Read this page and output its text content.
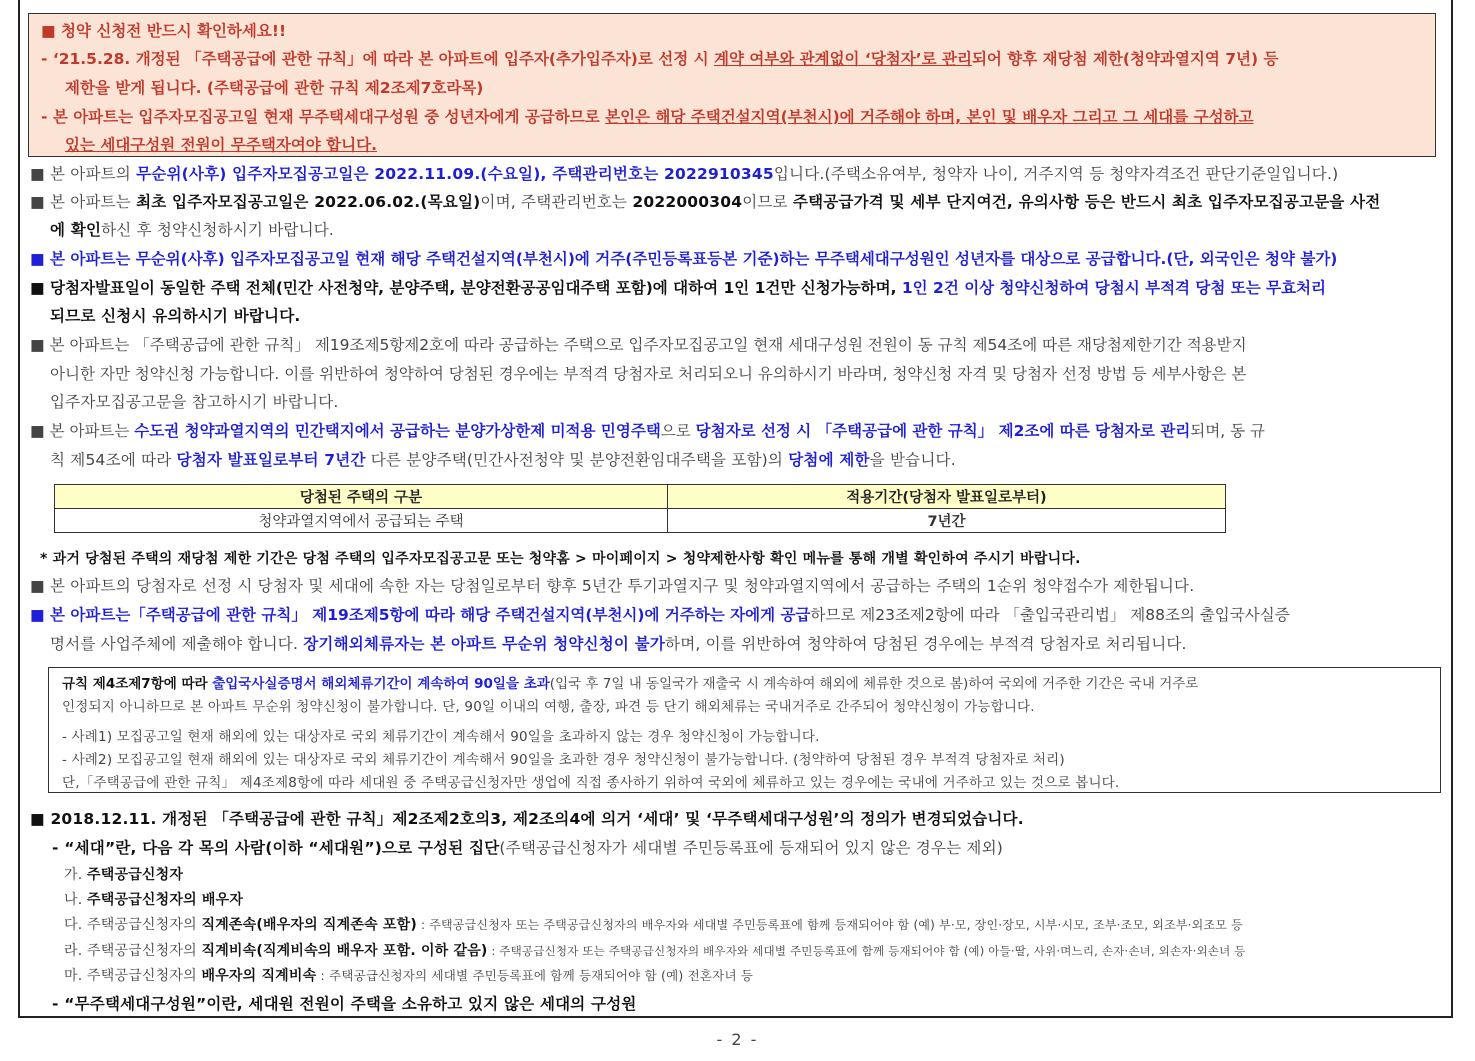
■ 청약 신청전 반드시 확인하세요!!
- ‘21.5.28. 개정된 「주택공급에 관한 규칙」에 따라 본 아파트에 입주자(추가입주자)로 선정 시 계약 여부와 관계없이 ‘당첨자’로 관리되어 향후 재당첨 제한(청약과열지역 7년) 등
제한을 받게 됩니다. (주택공급에 관한 규칙 제2조제7호라목)
- 본 아파트는 입주자모집공고일 현재 무주택세대구성원 중 성년자에게 공급하므로 본인은 해당 주택건설지역(부천시)에 거주해야 하며, 본인 및 배우자 그리고 그 세대를 구성하고
있는 세대구성원 전원이 무주택자여야 합니다.
■ 본 아파트의 무순위(사후) 입주자모집공고일은 2022.11.09.(수요일), 주택관리번호는 2022910345입니다.(주택소유여부, 청약자 나이, 거주지역 등 청약자격조건 판단기준일입니다.)
■ 본 아파트는 최초 입주자모집공고일은 2022.06.02.(목요일)이며, 주택관리번호는 2022000304이므로 주택공급가격 및 세부 단지여건, 유의사항 등은 반드시 최초 입주자모집공고문을 사전
에 확인하신 후 청약신청하시기 바랍니다.
■ 본 아파트는 무순위(사후) 입주자모집공고일 현재 해당 주택건설지역(부천시)에 거주(주민등록표등본 기준)하는 무주택세대구성원인 성년자를 대상으로 공급합니다.(단, 외국인은 청약 불가)
■ 당첨자발표일이 동일한 주택 전체(민간 사전청약, 분양주택, 분양전환공공임대주택 포함)에 대하여 1인 1건만 신청가능하며, 1인 2건 이상 청약신청하여 당첨시 부적격 당첨 또는 무효처리
되므로 신청시 유의하시기 바랍니다.
■ 본 아파트는 「주택공급에 관한 규칙」 제19조제5항제2호에 따라 공급하는 주택으로 입주자모집공고일 현재 세대구성원 전원이 동 규칙 제54조에 따른 재당첨제한기간 적용받지
아니한 자만 청약신청 가능합니다. 이를 위반하여 청약하여 당첨된 경우에는 부적격 당첨자로 처리되오니 유의하시기 바라며, 청약신청 자격 및 당첨자 선정 방법 등 세부사항은 본
입주자모집공고문을 참고하시기 바랍니다.
■ 본 아파트는 수도권 청약과열지역의 민간택지에서 공급하는 분양가상한제 미적용 민영주택으로 당첨자로 선정 시 「주택공급에 관한 규칙」 제2조에 따른 당첨자로 관리되며, 동 규
칙 제54조에 따라 당첨자 발표일로부터 7년간 다른 분양주택(민간사전청약 및 분양전환임대주택을 포함)의 당첨에 제한을 받습니다.
당첨된 주택의 구분	적용기간(당첨자 발표일로부터)
청약과열지역에서 공급되는 주택	7년간
* 과거 당첨된 주택의 재당첨 제한 기간은 당첨 주택의 입주자모집공고문 또는 청약홈 > 마이페이지 > 청약제한사항 확인 메뉴를 통해 개별 확인하여 주시기 바랍니다.
■ 본 아파트의 당첨자로 선정 시 당첨자 및 세대에 속한 자는 당첨일로부터 향후 5년간 투기과열지구 및 청약과열지역에서 공급하는 주택의 1순위 청약접수가 제한됩니다.
■ 본 아파트는「주택공급에 관한 규칙」 제19조제5항에 따라 해당 주택건설지역(부천시)에 거주하는 자에게 공급하므로 제23조제2항에 따라 「출입국관리법」 제88조의 출입국사실증
명서를 사업주체에 제출해야 합니다. 장기해외체류자는 본 아파트 무순위 청약신청이 불가하며, 이를 위반하여 청약하여 당첨된 경우에는 부적격 당첨자로 처리됩니다.
규칙 제4조제7항에 따라 출입국사실증명서 해외체류기간이 계속하여 90일을 초과(입국 후 7일 내 동일국가 재출국 시 계속하여 해외에 체류한 것으로 봄)하여 국외에 거주한 기간은 국내 거주로
인정되지 아니하므로 본 아파트 무순위 청약신청이 불가합니다. 단, 90일 이내의 여행, 출장, 파견 등 단기 해외체류는 국내거주로 간주되어 청약신청이 가능합니다.
- 사례1) 모집공고일 현재 해외에 있는 대상자로 국외 체류기간이 계속해서 90일을 초과하지 않는 경우 청약신청이 가능합니다.
- 사례2) 모집공고일 현재 해외에 있는 대상자로 국외 체류기간이 계속해서 90일을 초과한 경우 청약신청이 불가능합니다. (청약하여 당첨된 경우 부적격 당첨자로 처리)
단,「주택공급에 관한 규칙」 제4조제8항에 따라 세대원 중 주택공급신청자만 생업에 직접 종사하기 위하여 국외에 체류하고 있는 경우에는 국내에 거주하고 있는 것으로 봅니다.
■ 2018.12.11. 개정된 「주택공급에 관한 규칙」제2조제2호의3, 제2조의4에 의거 ‘세대’ 및 ‘무주택세대구성원’의 정의가 변경되었습니다.
- “세대”란, 다음 각 목의 사람(이하 “세대원”)으로 구성된 집단(주택공급신청자가 세대별 주민등록표에 등재되어 있지 않은 경우는 제외)
가. 주택공급신청자
나. 주택공급신청자의 배우자
다. 주택공급신청자의 직계존속(배우자의 직계존속 포함) : 주택공급신청자 또는 주택공급신청자의 배우자와 세대별 주민등록표에 함께 등재되어야 함 (예) 부·모, 장인·장모, 시부·시모, 조부·조모, 외조부·외조모 등
라. 주택공급신청자의 직계비속(직계비속의 배우자 포함. 이하 같음) : 주택공급신청자 또는 주택공급신청자의 배우자와 세대별 주민등록표에 함께 등재되어야 함 (예) 아들·딸, 사위·며느리, 손자·손녀, 외손자·외손녀 등
마. 주택공급신청자의 배우자의 직계비속 : 주택공급신청자의 세대별 주민등록표에 함께 등재되어야 함 (예) 전혼자녀 등
- “무주택세대구성원”이란, 세대원 전원이 주택을 소유하고 있지 않은 세대의 구성원
- 2 -
